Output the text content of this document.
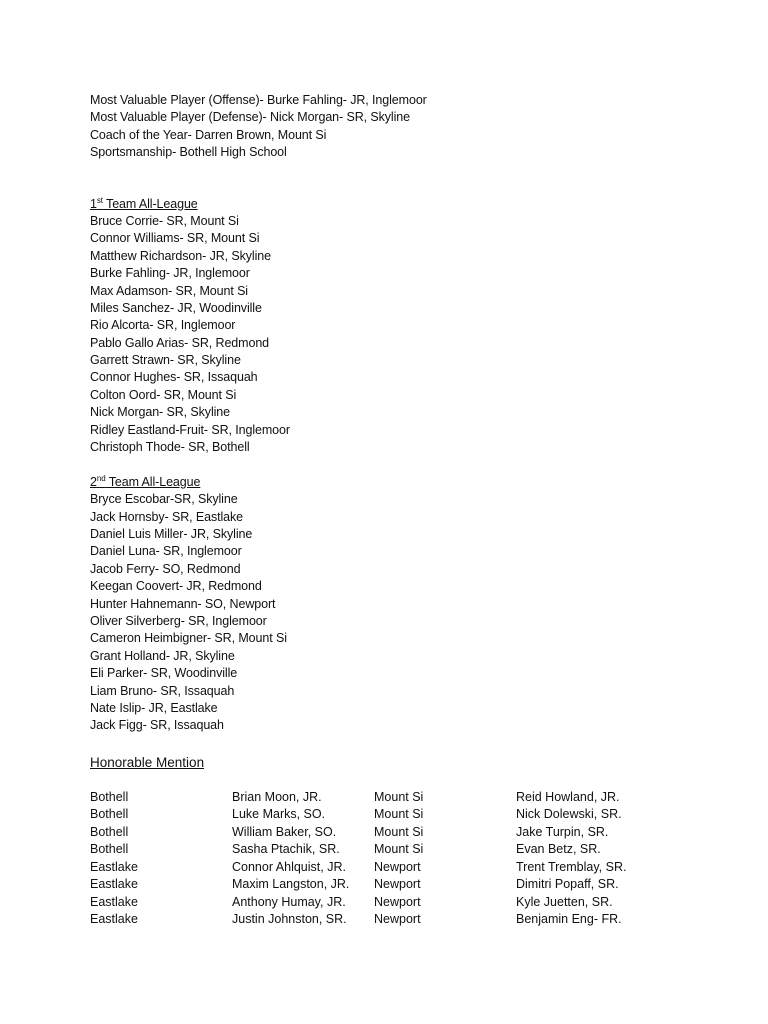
Most Valuable Player (Offense)- Burke Fahling- JR, Inglemoor
Most Valuable Player (Defense)- Nick Morgan- SR, Skyline
Coach of the Year- Darren Brown, Mount Si
Sportsmanship- Bothell High School
1st Team All-League
Bruce Corrie- SR, Mount Si
Connor Williams- SR, Mount Si
Matthew Richardson- JR, Skyline
Burke Fahling- JR, Inglemoor
Max Adamson- SR, Mount Si
Miles Sanchez- JR, Woodinville
Rio Alcorta- SR, Inglemoor
Pablo Gallo Arias- SR, Redmond
Garrett Strawn- SR, Skyline
Connor Hughes- SR, Issaquah
Colton Oord- SR, Mount Si
Nick Morgan- SR, Skyline
Ridley Eastland-Fruit- SR, Inglemoor
Christoph Thode- SR, Bothell
2nd Team All-League
Bryce Escobar-SR, Skyline
Jack Hornsby- SR, Eastlake
Daniel Luis Miller- JR, Skyline
Daniel Luna- SR, Inglemoor
Jacob Ferry- SO, Redmond
Keegan Coovert- JR, Redmond
Hunter Hahnemann- SO, Newport
Oliver Silverberg- SR, Inglemoor
Cameron Heimbigner- SR, Mount Si
Grant Holland- JR, Skyline
Eli Parker- SR, Woodinville
Liam Bruno- SR, Issaquah
Nate Islip- JR, Eastlake
Jack Figg- SR, Issaquah
Honorable Mention
Bothell	Brian Moon, JR.	Mount Si	Reid Howland, JR.
Bothell	Luke Marks, SO.	Mount Si	Nick Dolewski, SR.
Bothell	William Baker, SO.	Mount Si	Jake Turpin, SR.
Bothell	Sasha Ptachik, SR.	Mount Si	Evan Betz, SR.
Eastlake	Connor Ahlquist, JR.	Newport	Trent Tremblay, SR.
Eastlake	Maxim Langston, JR.	Newport	Dimitri Popaff, SR.
Eastlake	Anthony Humay, JR.	Newport	Kyle Juetten, SR.
Eastlake	Justin Johnston, SR.	Newport	Benjamin Eng- FR.
